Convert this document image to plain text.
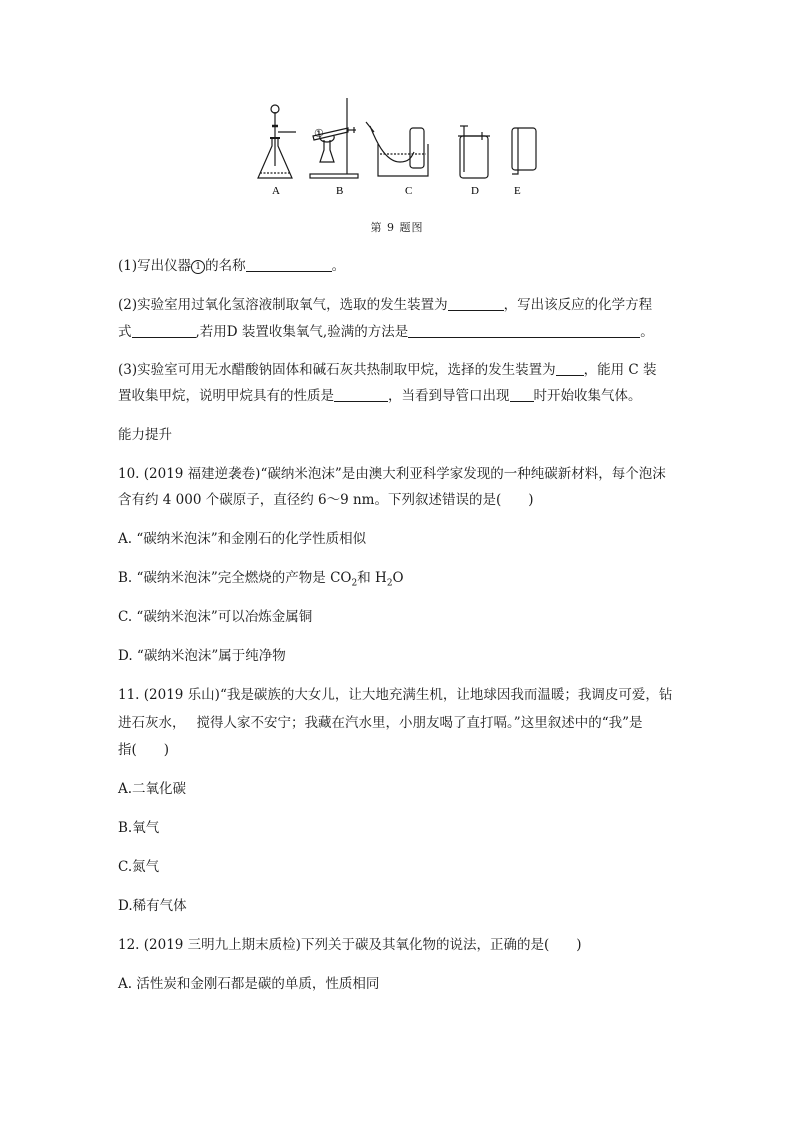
①
A	B	C	D	E
第 9 题图
(1)写出仪器 1 的名称	。
(2)实验室用过氧化氢溶液制取氧气，选取的发生装置为	，写出该反应的化学方程
式	,若用D 装置收集氧气,验满的方法是	。
(3)实验室可用无水醋酸钠固体和碱石灰共热制取甲烷，选择的发生装置为 ，能用 C 装
置收集甲烷，说明甲烷具有的性质是	，当看到导管口出现 时开始收集气体。
能力提升
10. (2019 福建逆袭卷)“碳纳米泡沫”是由澳大利亚科学家发现的一种纯碳新材料，每个泡沫
含有约 4 000 个碳原子，直径约 6～9 nm。下列叙述错误的是(　　)
A. “碳纳米泡沫”和金刚石的化学性质相似
B. “碳纳米泡沫”完全燃烧的产物是 $CO_2$和 $H_2O$
C. “碳纳米泡沫”可以冶炼金属铜
D. “碳纳米泡沫”属于纯净物
11. (2019 乐山)“我是碳族的大女儿，让大地充满生机，让地球因我而温暖；我调皮可爱，钻
进石灰水，　 搅得人家不安宁；我藏在汽水里，小朋友喝了直打嗝。”这里叙述中的“我”是
指(　　)
A.二氧化碳
B.氧气
C.氮气
D.稀有气体
12. (2019 三明九上期末质检)下列关于碳及其氧化物的说法，正确的是(　　)
A. 活性炭和金刚石都是碳的单质，性质相同
